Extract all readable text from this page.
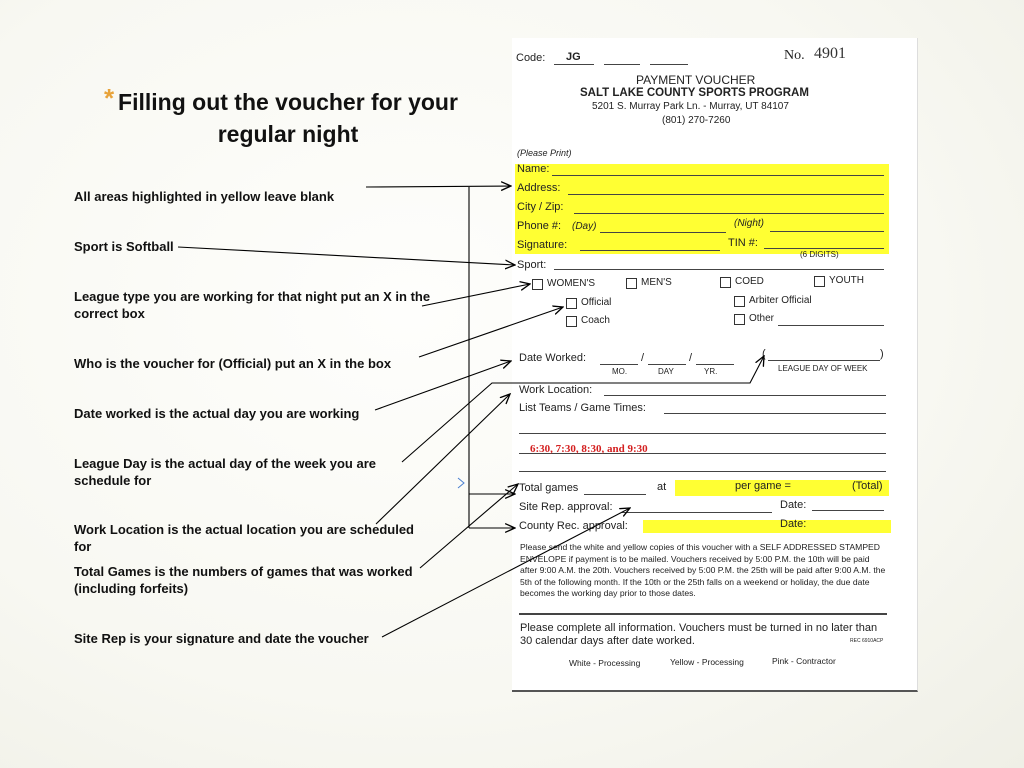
* Filling out the voucher for your regular night
All areas highlighted in yellow leave blank
Sport is Softball
League type you are working for that night put an X in the correct box
Who is the voucher for (Official) put an X in the box
Date worked is the actual day you are working
League Day is the actual day of the week you are schedule for
Work Location is the actual location you are scheduled for
Total Games is the numbers of games that was worked (including forfeits)
Site Rep is your signature and date the voucher
Code: JG	No. 4901
PAYMENT VOUCHER
SALT LAKE COUNTY SPORTS PROGRAM
5201 S. Murray Park Ln. - Murray, UT 84107
(801) 270-7260
(Please Print)
Name:
Address:
City / Zip:
Phone #: (Day)	(Night)
Signature:	TIN #:
(6 DIGITS)
Sport:
WOMEN'S	MEN'S	COED	YOUTH
Official	Arbiter Official
Coach	Other
Date Worked:	/	/
MO.	DAY	YR.
(	)
LEAGUE DAY OF WEEK
Work Location:
List Teams / Game Times:
6:30, 7:30, 8:30, and 9:30
Total games	at	per game =	(Total)
Site Rep. approval:	Date:
County Rec. approval:	Date:
Please send the white and yellow copies of this voucher with a SELF ADDRESSED STAMPED ENVELOPE if payment is to be mailed. Vouchers received by 5:00 P.M. the 10th will be paid after 9:00 A.M. the 20th. Vouchers received by 5:00 P.M. the 25th will be paid after 9:00 A.M. the 5th of the following month. If the 10th or the 25th falls on a weekend or holiday, the due date becomes the working day prior to those dates.
Please complete all information. Vouchers must be turned in no later than 30 calendar days after date worked.	REC 6910ACP
White - Processing	Yellow - Processing	Pink - Contractor
